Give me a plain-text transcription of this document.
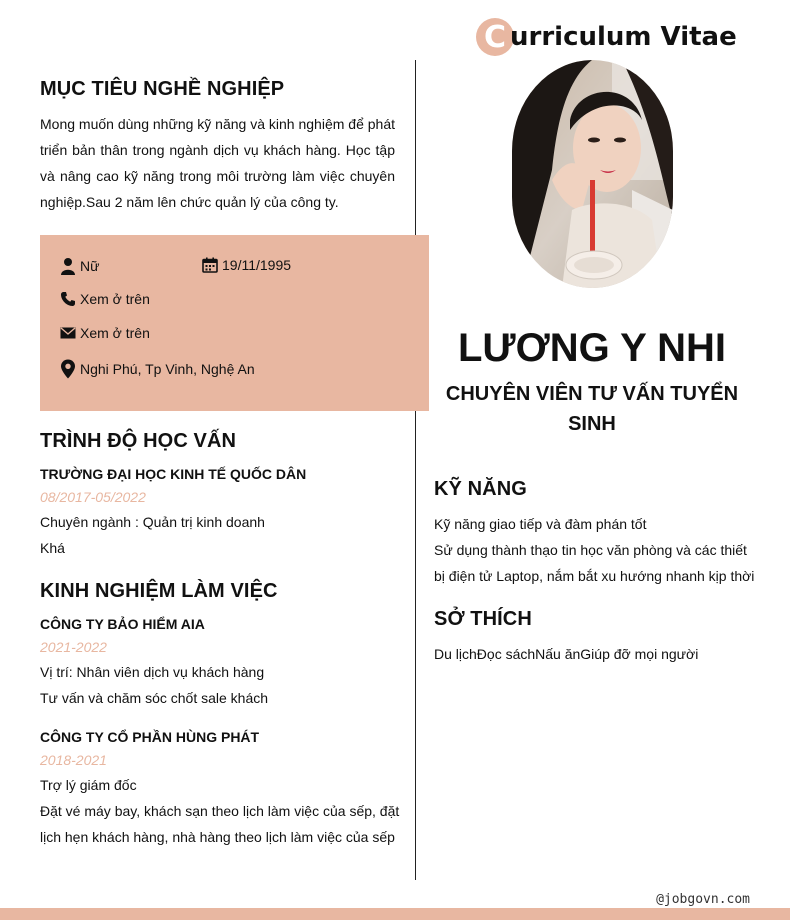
MỤC TIÊU NGHỀ NGHIỆP
Mong muốn dùng những kỹ năng và kinh nghiệm để phát triển bản thân trong ngành dịch vụ khách hàng. Học tập và nâng cao kỹ năng trong môi trường làm việc chuyên nghiệp.Sau 2 năm lên chức quản lý của công ty.
Nữ	19/11/1995
Xem ở trên
Xem ở trên
Nghi Phú, Tp Vinh, Nghệ An
TRÌNH ĐỘ HỌC VẤN
TRƯỜNG ĐẠI HỌC KINH TẾ QUỐC DÂN
08/2017-05/2022
Chuyên ngành : Quản trị kinh doanh
Khá
KINH NGHIỆM LÀM VIỆC
CÔNG TY BẢO HIỂM AIA
2021-2022
Vị trí: Nhân viên dịch vụ khách hàng
Tư vấn và chăm sóc chốt sale khách
CÔNG TY CỔ PHẦN HÙNG PHÁT
2018-2021
Trợ lý giám đốc
Đặt vé máy bay, khách sạn theo lịch làm việc của sếp, đặt
lịch hẹn khách hàng, nhà hàng theo lịch làm việc của sếp
C urriculum Vitae
LƯƠNG Y NHI
CHUYÊN VIÊN TƯ VẤN TUYỂN SINH
KỸ NĂNG
Kỹ năng giao tiếp và đàm phán tốt
Sử dụng thành thạo tin học văn phòng và các thiết
bị điện tử Laptop, nắm bắt xu hướng nhanh kịp thời
SỞ THÍCH
Du lịchĐọc sáchNấu ănGiúp đỡ mọi người
@jobgovn.com
